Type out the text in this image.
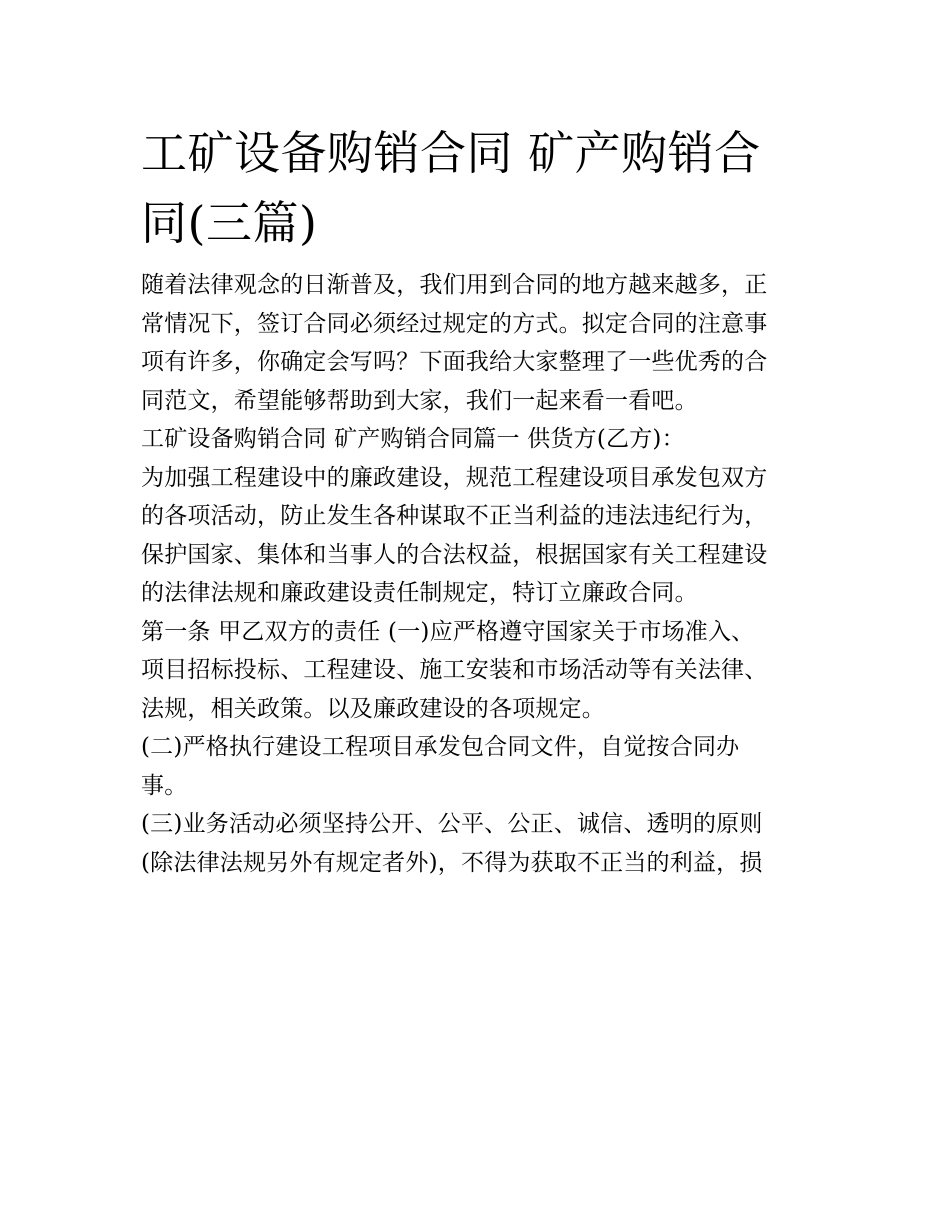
工矿设备购销合同 矿产购销合
同(三篇)

随着法律观念的日渐普及，我们用到合同的地方越来越多，正
常情况下，签订合同必须经过规定的方式。拟定合同的注意事
项有许多，你确定会写吗？下面我给大家整理了一些优秀的合
同范文，希望能够帮助到大家，我们一起来看一看吧。

工矿设备购销合同 矿产购销合同篇一 供货方(乙方)：

为加强工程建设中的廉政建设，规范工程建设项目承发包双方
的各项活动，防止发生各种谋取不正当利益的违法违纪行为，
保护国家、集体和当事人的合法权益，根据国家有关工程建设
的法律法规和廉政建设责任制规定，特订立廉政合同。

第一条 甲乙双方的责任 (一)应严格遵守国家关于市场准入、
项目招标投标、工程建设、施工安装和市场活动等有关法律、
法规，相关政策。以及廉政建设的各项规定。

(二)严格执行建设工程项目承发包合同文件，自觉按合同办
事。

(三)业务活动必须坚持公开、公平、公正、诚信、透明的原则
(除法律法规另外有规定者外)，不得为获取不正当的利益，损
